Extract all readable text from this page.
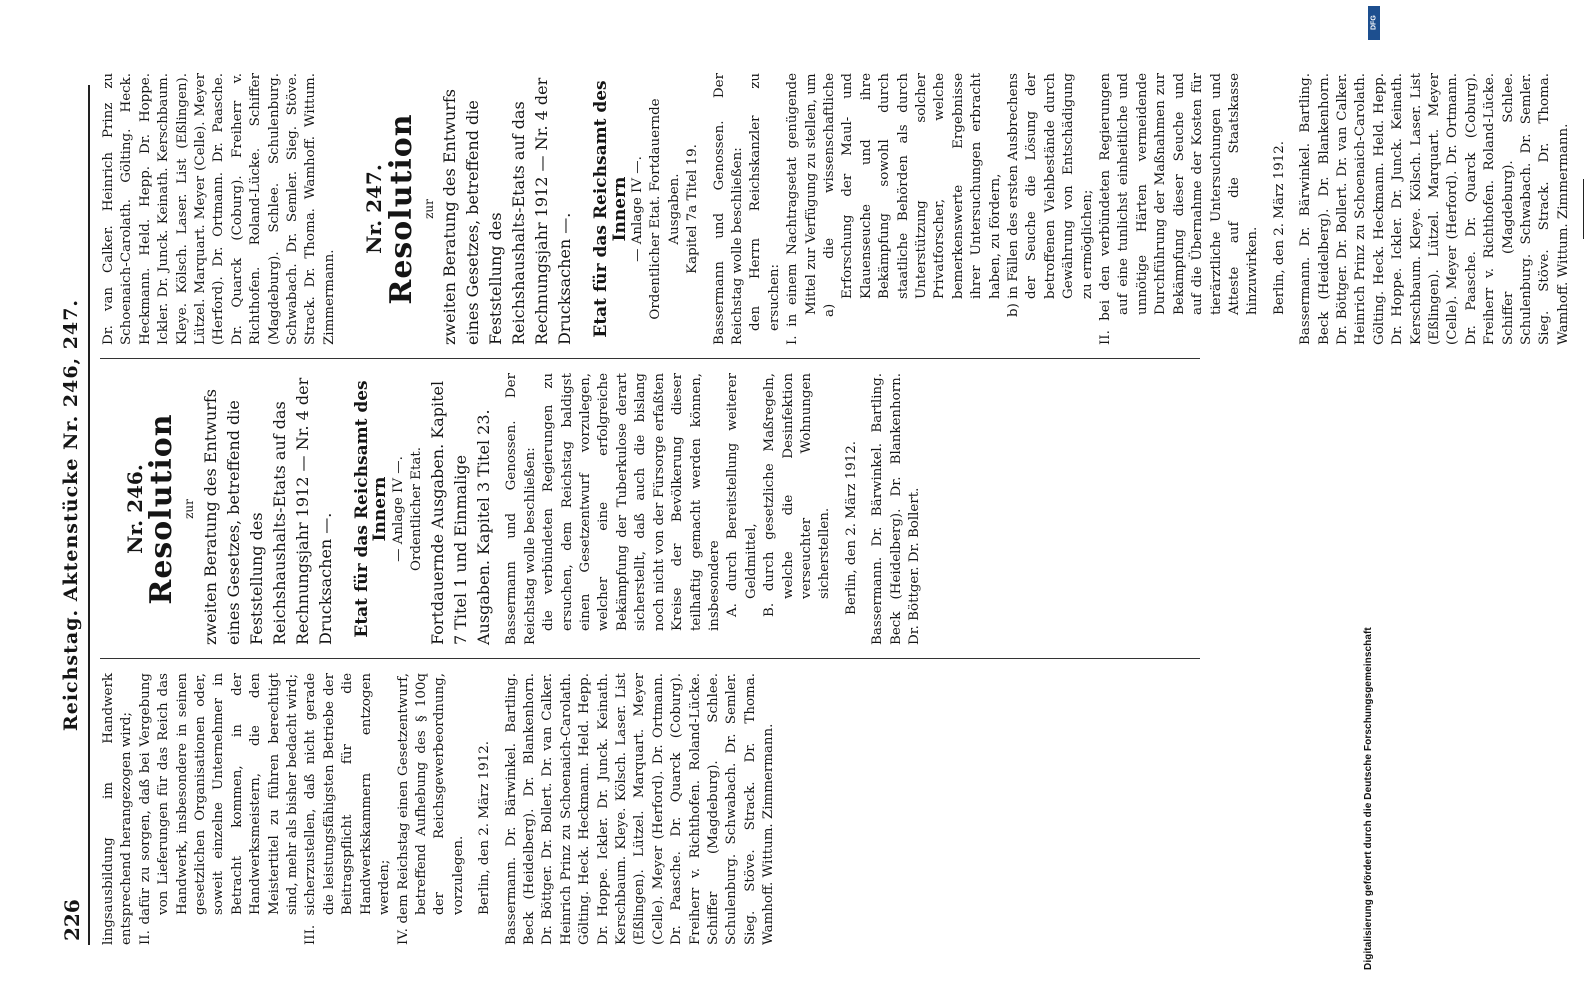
Digitalisierung gefördert durch die Deutsche Forschungsgemeinschaft
DFG
226
Reichstag. Aktenstücke Nr. 246, 247.

lingsausbildung im Handwerk entsprechend herangezogen wird; II. dafür zu sorgen, daß bei Vergebung von Lieferungen für das Reich das Handwerk, insbesondere in seinen gesetzlichen Organisationen oder, soweit einzelne Unternehmer in Betracht kommen, in der Handwerksmeistern, die den Meistertitel zu führen berechtigt sind, mehr als bisher bedacht wird; III. sicherzustellen, daß nicht gerade die leistungsfähigsten Betriebe der Beitragspflicht für die Handwerkskammern entzogen werden; IV. dem Reichstag einen Gesetzentwurf, betreffend Aufhebung des § 100q der Reichsgewerbeordnung, vorzulegen. Berlin, den 2. März 1912. Bassermann. Dr. Bärwinkel. Bartling. Beck (Heidelberg). Dr. Blankenhorn. Dr. Böttger. Dr. Bollert. Dr. van Calker. Heinrich Prinz zu Schoenaich-Carolath. Gölting. Heck. Heckmann. Held. Hepp. Dr. Hoppe. Ickler. Dr. Junck. Keinath. Kerschbaum. Kleye. Kölsch. Laser. List (Eßlingen). Lützel. Marquart. Meyer (Celle). Meyer (Herford). Dr. Ortmann. Dr. Paasche. Dr. Quarck (Coburg). Freiherr v. Richthofen. Roland-Lücke. Schiffer (Magdeburg). Schlee. Schulenburg. Schwabach. Dr. Semler. Sieg. Stöve. Strack. Dr. Thoma. Wamhoff. Wittum. Zimmermann.

Nr. 246.
Resolution zur zweiten Beratung des Entwurfs eines Gesetzes, betreffend die Feststellung des Reichshaushalts-Etats auf das Rechnungsjahr 1912 — Nr. 4 der Drucksachen —. Etat für das Reichsamt des Innern — Anlage IV —. Ordentlicher Etat. Fortdauernde Ausgaben. Kapitel 7 Titel 1 und Einmalige Ausgaben. Kapitel 3 Titel 23. Bassermann und Genossen. Der Reichstag wolle beschließen: die verbündeten Regierungen zu ersuchen, dem Reichstag baldigst einen Gesetzentwurf vorzulegen, welcher eine erfolgreiche Bekämpfung der Tuberkulose derart sicherstellt, daß auch die bislang noch nicht von der Fürsorge erfaßten Kreise der Bevölkerung dieser teilhaftig gemacht werden können, insbesondere A. durch Bereitstellung weiterer Geldmittel, B. durch gesetzliche Maßregeln, welche die Desinfektion verseuchter Wohnungen sicherstellen. Berlin, den 2. März 1912. Bassermann. Dr. Bärwinkel. Bartling. Beck (Heidelberg). Dr. Blankenhorn. Dr. Böttger. Dr. Bollert.

Dr. van Calker. Heinrich Prinz zu Schoenaich-Carolath. Gölting. Heck. Heckmann. Held. Hepp. Dr. Hoppe. Ickler. Dr. Junck. Keinath. Kerschbaum. Kleye. Kölsch. Laser. List (Eßlingen). Lützel. Marquart. Meyer (Celle). Meyer (Herford). Dr. Ortmann. Dr. Paasche. Dr. Quarck (Coburg). Freiherr v. Richthofen. Roland-Lücke. Schiffer (Magdeburg). Schlee. Schulenburg. Schwabach. Dr. Semler. Sieg. Stöve. Strack. Dr. Thoma. Wamhoff. Wittum. Zimmermann.

Nr. 247.
Resolution zur zweiten Beratung des Entwurfs eines Gesetzes, betreffend die Feststellung des Reichshaushalts-Etats auf das Rechnungsjahr 1912 — Nr. 4 der Drucksachen —. Etat für das Reichsamt des Innern — Anlage IV —. Ordentlicher Etat. Fortdauernde Ausgaben. Kapitel 7a Titel 19. Bassermann und Genossen. Der Reichstag wolle beschließen: den Herrn Reichskanzler zu ersuchen: I. in einem Nachtragsetat genügende Mittel zur Verfügung zu stellen, um a) die wissenschaftliche Erforschung der Maul- und Klauenseuche und ihre Bekämpfung sowohl durch staatliche Behörden als durch Unterstützung solcher Privatforscher, welche bemerkenswerte Ergebnisse ihrer Untersuchungen erbracht haben, zu fördern, b) in Fällen des ersten Ausbrechens der Seuche die Lösung der betroffenen Viehbestände durch Gewährung von Entschädigung zu ermöglichen; II. bei den verbündeten Regierungen auf eine tunlichst einheitliche und unnötige Härten vermeidende Durchführung der Maßnahmen zur Bekämpfung dieser Seuche und auf die Übernahme der Kosten für tierärztliche Untersuchungen und Atteste auf die Staatskasse hinzuwirken. Berlin, den 2. März 1912. Bassermann. Dr. Bärwinkel. Bartling. Beck (Heidelberg). Dr. Blankenhorn. Dr. Böttger. Dr. Bollert. Dr. van Calker. Heinrich Prinz zu Schoenaich-Carolath. Gölting. Heck. Heckmann. Held. Hepp. Dr. Hoppe. Ickler. Dr. Junck. Keinath. Kerschbaum. Kleye. Kölsch. Laser. List (Eßlingen). Lützel. Marquart. Meyer (Celle). Meyer (Herford). Dr. Ortmann. Dr. Paasche. Dr. Quarck (Coburg). Freiherr v. Richthofen. Roland-Lücke. Schiffer (Magdeburg). Schlee. Schulenburg. Schwabach. Dr. Semler. Sieg. Stöve. Strack. Dr. Thoma. Wamhoff. Wittum. Zimmermann.
